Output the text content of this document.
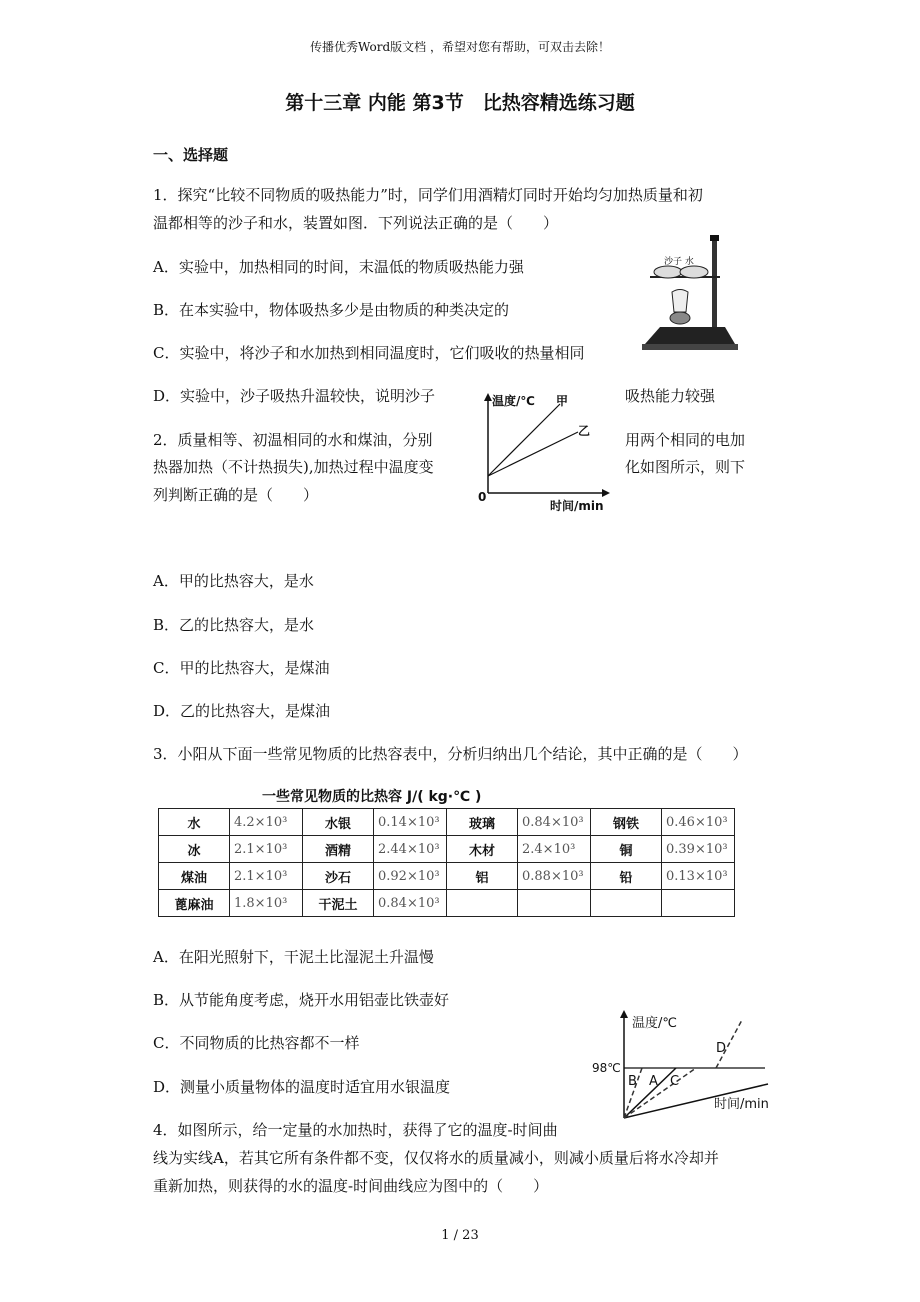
传播优秀Word版文档 ，希望对您有帮助，可双击去除！
第十三章 内能 第3节　比热容精选练习题
一、选择题
1．探究“比较不同物质的吸热能力”时，同学们用酒精灯同时开始均匀加热质量和初
温都相等的沙子和水，装置如图．下列说法正确的是（　　）
A．实验中，加热相同的时间，末温低的物质吸热能力强
B．在本实验中，物体吸热多少是由物质的种类决定的
C．实验中，将沙子和水加热到相同温度时，它们吸收的热量相同
D．实验中，沙子吸热升温较快，说明沙子	吸热能力较强
沙子 水
2．质量相等、初温相同的水和煤油，分别	用两个相同的电加
热器加热（不计热损失),加热过程中温度变	化如图所示，则下
列判断正确的是（　　）
温度/℃ 甲
乙
0
时间/min
A．甲的比热容大，是水
B．乙的比热容大，是水
C．甲的比热容大，是煤油
D．乙的比热容大，是煤油
3．小阳从下面一些常见物质的比热容表中，分析归纳出几个结论，其中正确的是（　　）
一些常见物质的比热容 J/( kg·℃ )
水	4.2×10³	水银	0.14×10³	玻璃	0.84×10³	钢铁	0.46×10³
冰	2.1×10³	酒精	2.44×10³	木材	2.4×10³	铜	0.39×10³
煤油	2.1×10³	沙石	0.92×10³	铝	0.88×10³	铅	0.13×10³
蓖麻油	1.8×10³	干泥土	0.84×10³				
A．在阳光照射下，干泥土比湿泥土升温慢
B．从节能角度考虑，烧开水用铝壶比铁壶好
C．不同物质的比热容都不一样
D．测量小质量物体的温度时适宜用水银温度
温度/℃
98℃
B A C
D
时间/min
4．如图所示，给一定量的水加热时，获得了它的温度-时间曲
线为实线A，若其它所有条件都不变，仅仅将水的质量减小，则减小质量后将水冷却并
重新加热，则获得的水的温度-时间曲线应为图中的（　　）
1 / 23
